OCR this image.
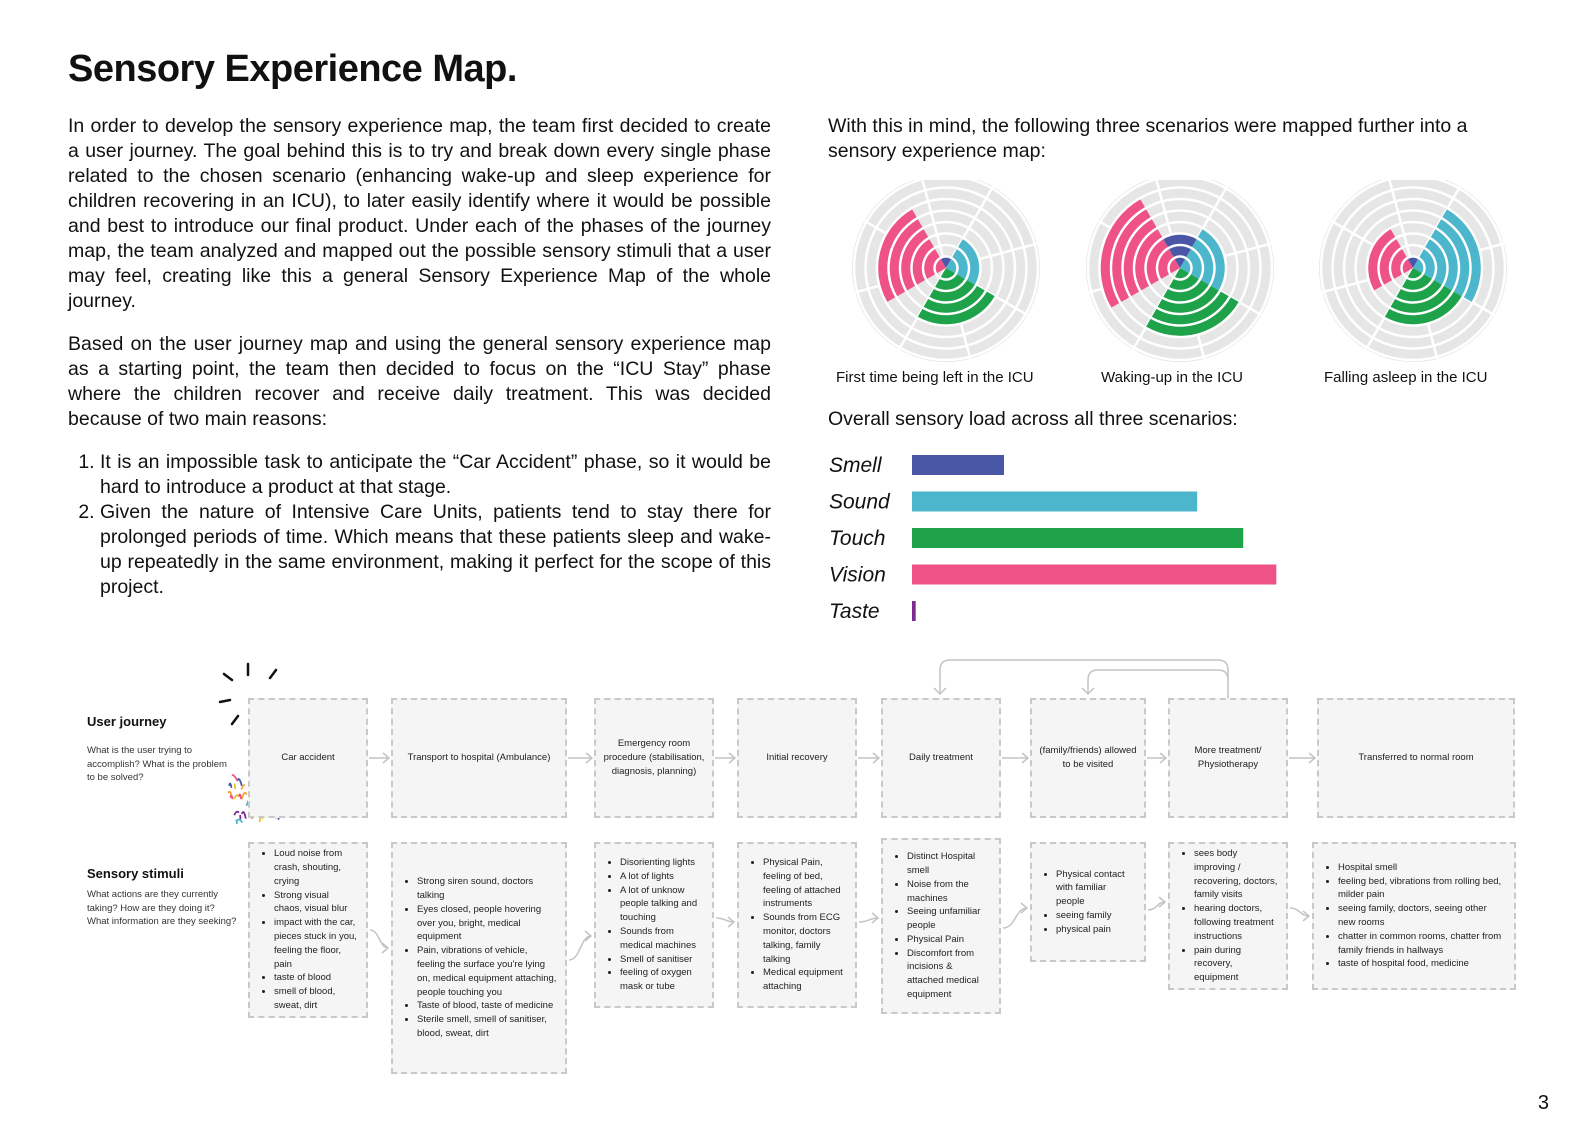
Sensory Experience Map.

In order to develop the sensory experience map, the team first decided to create a user journey. The goal behind this is to try and break down every single phase related to the chosen scenario (enhancing wake-up and sleep experience for children recovering in an ICU), to later easily identify where it would be possible and best to introduce our final product. Under each of the phases of the journey map, the team analyzed and mapped out the possible sensory stimuli that a user may feel, creating like this a general Sensory Experience Map of the whole journey.

Based on the user journey map and using the general sensory experience map as a starting point, the team then decided to focus on the “ICU Stay” phase where the children recover and receive daily treatment. This was decided because of two main reasons:

1. It is an impossible task to anticipate the “Car Accident” phase, so it would be hard to introduce a product at that stage.
2. Given the nature of Intensive Care Units, patients tend to stay there for prolonged periods of time. Which means that these patients sleep and wake-up repeatedly in the same environment, making it perfect for the scope of this project.

With this in mind, the following three scenarios were mapped further into a sensory experience map:

First time being left in the ICU	Waking-up in the ICU	Falling asleep in the ICU

Overall sensory load across all three scenarios:

Smell
Sound
Touch
Vision
Taste
User journey
What is the user trying to accomplish? What is the problem to be solved?
Sensory stimuli
What actions are they currently taking? How are they doing it? What information are they seeking?
Car accident	Transport to hospital (Ambulance)
Emergency room procedure (stabilisation, diagnosis, planning)
Initial recovery	Daily treatment
(family/friends) allowed to be visited
More treatment/ Physiotherapy
Transferred to normal room
• Loud noise from crash, shouting, crying
• Strong visual chaos, visual blur
• impact with the car, pieces stuck in you, feeling the floor, pain
• taste of blood
• smell of blood, sweat, dirt
• Strong siren sound, doctors talking
• Eyes closed, people hovering over you, bright, medical equipment
• Pain, vibrations of vehicle, feeling the surface you're lying on, medical equipment attaching, people touching you
• Taste of blood, taste of medicine
• Sterile smell, smell of sanitiser, blood, sweat, dirt
• Disorienting lights
• A lot of lights
• A lot of unknow people talking and touching
• Sounds from medical machines
• Smell of sanitiser
• feeling of oxygen mask or tube
• Physical Pain, feeling of bed, feeling of attached instruments
• Sounds from ECG monitor, doctors talking, family talking
• Medical equipment attaching
• Distinct Hospital smell
• Noise from the machines
• Seeing unfamiliar people
• Physical Pain
• Discomfort from incisions & attached medical equipment
• Physical contact with familiar people
• seeing family
• physical pain
• sees body improving / recovering, doctors, family visits
• hearing doctors, following treatment instructions
• pain during recovery, equipment
• Hospital smell
• feeling bed, vibrations from rolling bed, milder pain
• seeing family, doctors, seeing other new rooms
• chatter in common rooms, chatter from family friends in hallways
• taste of hospital food, medicine
3
